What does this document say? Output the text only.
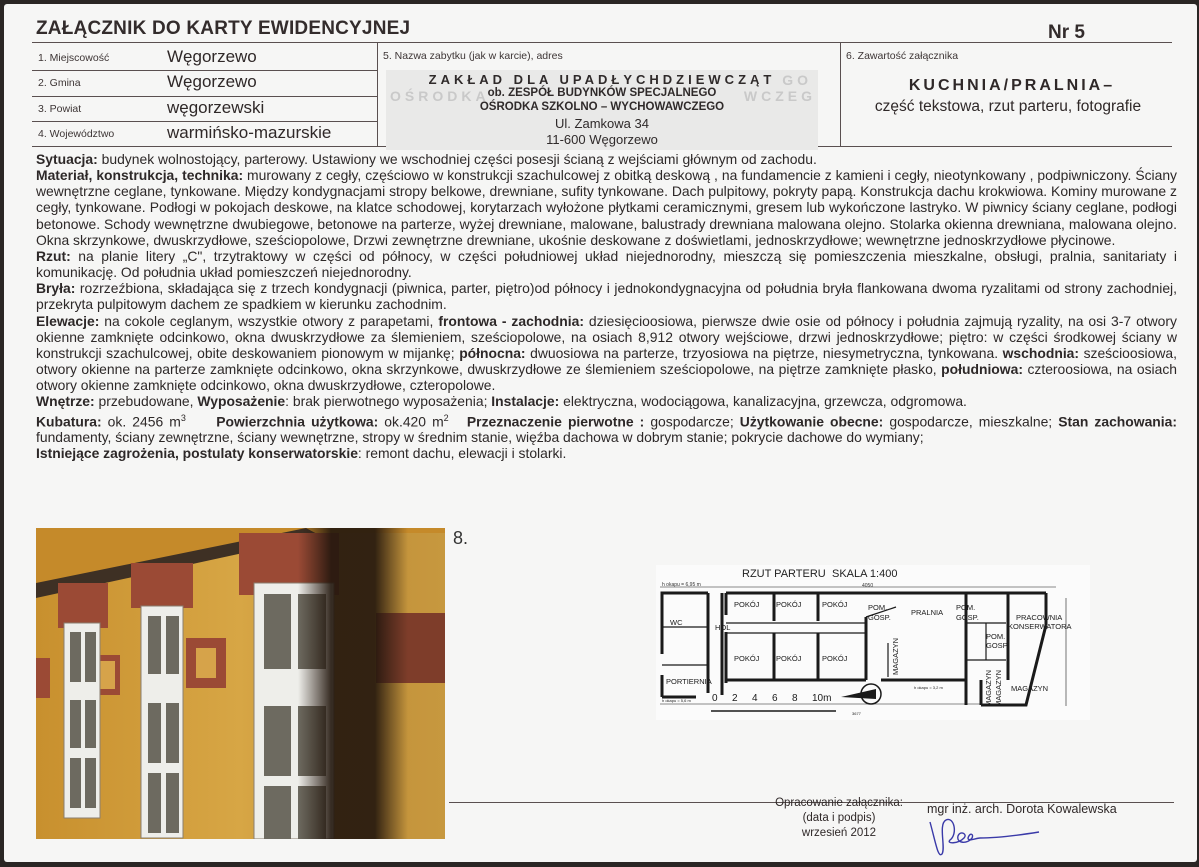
ZAŁĄCZNIK DO KARTY EWIDENCYJNEJ	Nr 5
1. Miejscowość	Węgorzewo
2. Gmina	Węgorzewo
3. Powiat	węgorzewski
4. Województwo	warmińsko-mazurskie
5. Nazwa zabytku (jak w karcie), adres
OŚRODKA	WCZEG
GO
ZAKŁAD DLA UPADŁYCHDZIEWCZĄT
ob. ZESPÓŁ BUDYNKÓW SPECJALNEGO
OŚRODKA SZKOLNO – WYCHOWAWCZEGO
Ul. Zamkowa 34
11-600 Węgorzewo
6. Zawartość załącznika
KUCHNIA/PRALNIA–
część tekstowa, rzut parteru, fotografie

Sytuacja: budynek wolnostojący, parterowy. Ustawiony we wschodniej części posesji ścianą z wejściami głównym od zachodu.

Materiał, konstrukcja, technika: murowany z cegły, częściowo w konstrukcji szachulcowej z obitką deskową , na fundamencie z kamieni i cegły, nieotynkowany , podpiwniczony. Ściany wewnętrzne ceglane, tynkowane. Między kondygnacjami stropy belkowe, drewniane, sufity tynkowane. Dach pulpitowy, pokryty papą. Konstrukcja dachu krokwiowa. Kominy murowane z cegły, tynkowane. Podłogi w pokojach deskowe, na klatce schodowej, korytarzach wyłożone płytkami ceramicznymi, gresem lub wykończone lastryko. W piwnicy ściany ceglane, podłogi betonowe. Schody wewnętrzne dwubiegowe, betonowe na parterze, wyżej drewniane, malowane, balustrady drewniana malowana olejno. Stolarka okienna drewniana, malowana olejno. Okna skrzynkowe, dwuskrzydłowe, sześciopolowe, Drzwi zewnętrzne drewniane, ukośnie deskowane z doświetlami, jednoskrzydłowe; wewnętrzne jednoskrzydłowe płycinowe.

Rzut: na planie litery „C", trzytraktowy w części od północy, w części południowej układ niejednorodny, mieszczą się pomieszczenia mieszkalne, obsługi, pralnia, sanitariaty i komunikację. Od południa układ pomieszczeń niejednorodny.

Bryła: rozrzeźbiona, składająca się z trzech kondygnacji (piwnica, parter, piętro)od północy i jednokondygnacyjna od południa bryła flankowana dwoma ryzalitami od strony zachodniej, przekryta pulpitowym dachem ze spadkiem w kierunku zachodnim.

Elewacje: na cokole ceglanym, wszystkie otwory z parapetami, frontowa - zachodnia: dziesięcioosiowa, pierwsze dwie osie od północy i południa zajmują ryzality, na osi 3-7 otwory okienne zamknięte odcinkowo, okna dwuskrzydłowe za ślemieniem, sześciopolowe, na osiach 8,912 otwory wejściowe, drzwi jednoskrzydłowe; piętro: w części środkowej ściany w konstrukcji szachulcowej, obite deskowaniem pionowym w mijankę; północna: dwuosiowa na parterze, trzyosiowa na piętrze, niesymetryczna, tynkowana. wschodnia: sześcioosiowa, otwory okienne na parterze zamknięte odcinkowo, okna skrzynkowe, dwuskrzydłowe ze ślemieniem sześciopolowe, na piętrze zamknięte płasko, południowa: czteroosiowa, na osiach otwory okienne zamknięte odcinkowo, okna dwuskrzydłowe, czteropolowe.

Wnętrze: przebudowane, Wyposażenie: brak pierwotnego wyposażenia; Instalacje: elektryczna, wodociągowa, kanalizacyjna, grzewcza, odgromowa.

Kubatura: ok. 2456 $m^3$ Powierzchnia użytkowa: ok.420 $m^2$ Przeznaczenie pierwotne : gospodarcze; Użytkowanie obecne: gospodarcze, mieszkalne; Stan zachowania: fundamenty, ściany zewnętrzne, ściany wewnętrzne, stropy w średnim stanie, więźba dachowa w dobrym stanie; pokrycie dachowe do wymiany;

Istniejące zagrożenia, postulaty konserwatorskie: remont dachu, elewacji i stolarki.

8.
RZUT PARTERU SKALA 1:400
h okapu = 6,95 m	4050
POKÓJ POKÓJ	POKÓJ
POKÓJ POKÓJ	POKÓJ
WC
HOL
PORTIERNIA
POM.
GOSP.
PRALNIA
POM.
GOSP.
POM.
GOSP
PRACOWNIA
KONSERWATORA
MAGAZYN
MAGAZYN
MAGAZYN MAGAZYN
h okapu = 5,6 m 0 2 4 6 8 10m
h okapu = 3,2 m
3677
Opracowanie załącznika:
(data i podpis)
wrzesień 2012
mgr inż. arch. Dorota Kowalewska
